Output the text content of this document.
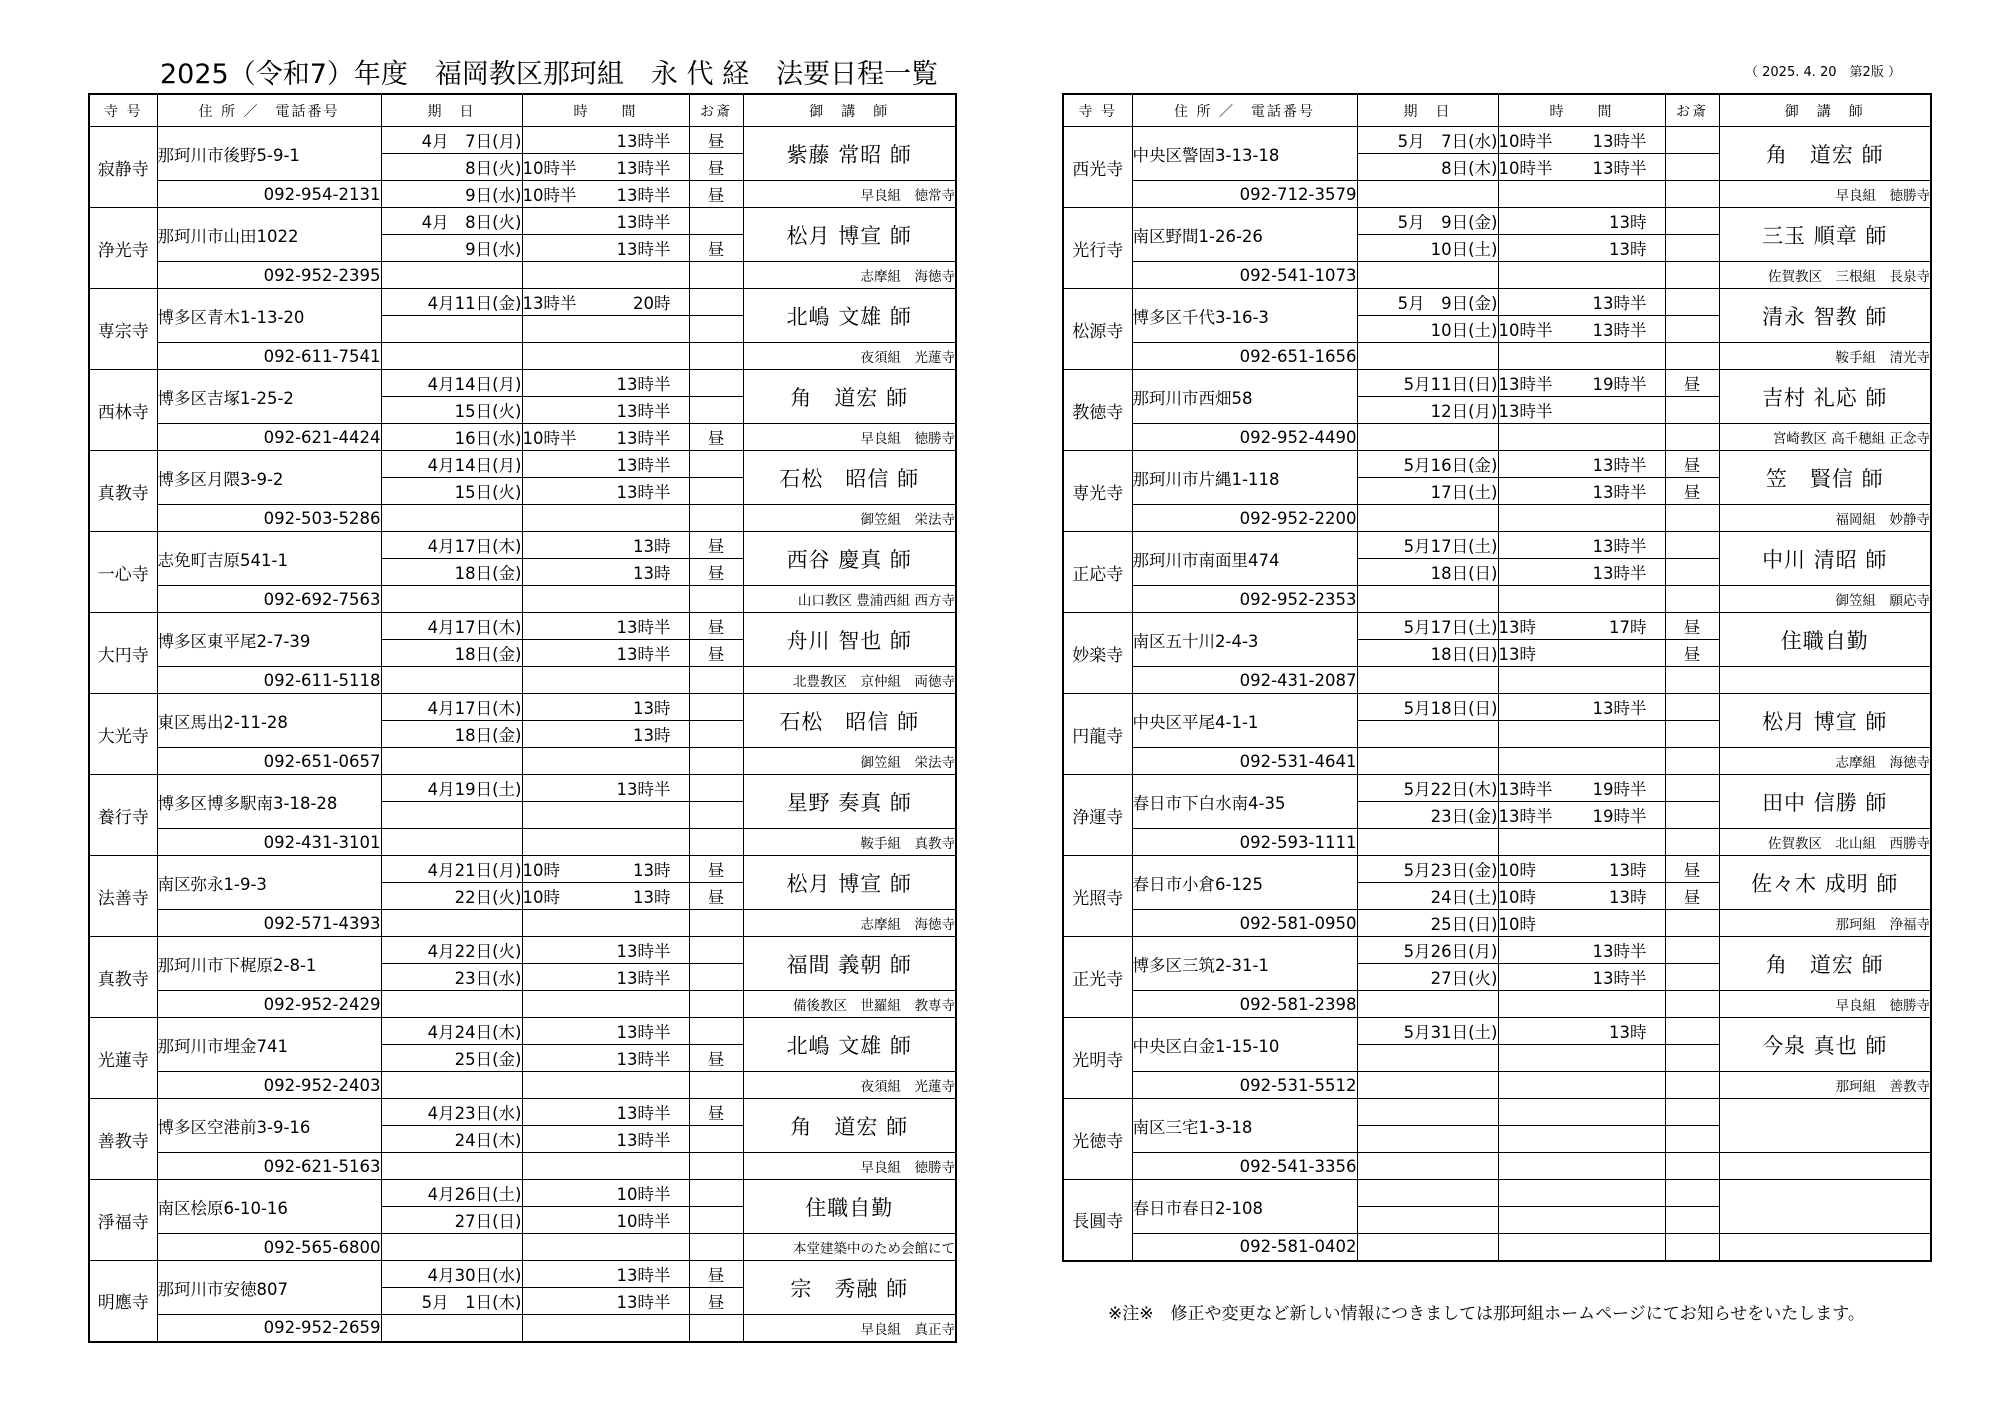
2025（令和7）年度　福岡教区那珂組　永 代 経　法要日程一覧	（ 2025. 4. 20　第2版 ）
寺 号	住 所 ／　電話番号	期　日	時　　間	お斎	御　講　師
寂静寺	那珂川市後野5-9-1	4月　7日(月)	13時半	昼	紫藤 常昭 師
		8日(火)	10時半 13時半	昼	
	092-954-2131	9日(水)	10時半 13時半	昼	早良組　徳常寺
浄光寺	那珂川市山田1022	4月　8日(火)	13時半		松月 博宣 師
		9日(水)	13時半	昼	
	092-952-2395				志摩組　海徳寺
専宗寺	博多区青木1-13-20	4月11日(金)	13時半 20時		北嶋 文雄 師

	092-611-7541				夜須組　光蓮寺
西林寺	博多区吉塚1-25-2	4月14日(月)	13時半		角　道宏 師
		15日(火)	13時半		
	092-621-4424	16日(水)	10時半 13時半	昼	早良組　徳勝寺
真教寺	博多区月隈3-9-2	4月14日(月)	13時半		石松　昭信 師
		15日(火)	13時半		
	092-503-5286				御笠組　栄法寺
一心寺	志免町吉原541-1	4月17日(木)	13時	昼	西谷 慶真 師
		18日(金)	13時	昼	
	092-692-7563				山口教区 豊浦西組 西方寺
大円寺	博多区東平尾2-7-39	4月17日(木)	13時半	昼	舟川 智也 師
		18日(金)	13時半	昼	
	092-611-5118				北豊教区　京仲組　両徳寺
大光寺	東区馬出2-11-28	4月17日(木)	13時		石松　昭信 師
		18日(金)	13時		
	092-651-0657				御笠組　栄法寺
養行寺	博多区博多駅南3-18-28	4月19日(土)	13時半		星野 奏真 師

	092-431-3101				鞍手組　真教寺
法善寺	南区弥永1-9-3	4月21日(月)	10時 13時	昼	松月 博宣 師
		22日(火)	10時 13時	昼	
	092-571-4393				志摩組　海徳寺
真教寺	那珂川市下梶原2-8-1	4月22日(火)	13時半		福間 義朝 師
		23日(水)	13時半		
	092-952-2429				備後教区　世羅組　教専寺
光蓮寺	那珂川市埋金741	4月24日(木)	13時半		北嶋 文雄 師
		25日(金)	13時半	昼	
	092-952-2403				夜須組　光蓮寺
善教寺	博多区空港前3-9-16	4月23日(水)	13時半	昼	角　道宏 師
		24日(木)	13時半		
	092-621-5163				早良組　徳勝寺
淨福寺	南区桧原6-10-16	4月26日(土)	10時半		住職自勤
		27日(日)	10時半		
	092-565-6800				本堂建築中のため会館にて
明應寺	那珂川市安徳807	4月30日(水)	13時半	昼	宗　秀融 師
		5月　1日(木)	13時半	昼	
	092-952-2659				早良組　真正寺
寺 号	住 所 ／　電話番号	期　日	時　　間	お斎	御　講　師
西光寺	中央区警固3-13-18	5月　7日(水)	10時半 13時半		角　道宏 師
		8日(木)	10時半 13時半		
	092-712-3579				早良組　徳勝寺
光行寺	南区野間1-26-26	5月　9日(金)	13時		三玉 順章 師
		10日(土)	13時		
	092-541-1073				佐賀教区　三根組　長泉寺
松源寺	博多区千代3-16-3	5月　9日(金)	13時半		清永 智教 師
		10日(土)	10時半 13時半		
	092-651-1656				鞍手組　清光寺
教徳寺	那珂川市西畑58	5月11日(日)	13時半 19時半	昼	吉村 礼応 師
		12日(月)	13時半		
	092-952-4490				宮崎教区 高千穂組 正念寺
専光寺	那珂川市片縄1-118	5月16日(金)	13時半	昼	笠　賢信 師
		17日(土)	13時半	昼	
	092-952-2200				福岡組　妙静寺
正応寺	那珂川市南面里474	5月17日(土)	13時半		中川 清昭 師
		18日(日)	13時半		
	092-952-2353				御笠組　願応寺
妙楽寺	南区五十川2-4-3	5月17日(土)	13時 17時	昼	住職自勤
		18日(日)	13時	昼	
	092-431-2087				
円龍寺	中央区平尾4-1-1	5月18日(日)	13時半		松月 博宣 師

	092-531-4641				志摩組　海徳寺
浄運寺	春日市下白水南4-35	5月22日(木)	13時半 19時半		田中 信勝 師
		23日(金)	13時半 19時半		
	092-593-1111				佐賀教区　北山組　西勝寺
光照寺	春日市小倉6-125	5月23日(金)	10時 13時	昼	佐々木 成明 師
		24日(土)	10時 13時	昼	
	092-581-0950	25日(日)	10時		那珂組　浄福寺
正光寺	博多区三筑2-31-1	5月26日(月)	13時半		角　道宏 師
		27日(火)	13時半		
	092-581-2398				早良組　徳勝寺
光明寺	中央区白金1-15-10	5月31日(土)	13時		今泉 真也 師

	092-531-5512				那珂組　善教寺
光徳寺	南区三宅1-3-18				

	092-541-3356				
長圓寺	春日市春日2-108				

	092-581-0402				
※注※　修正や変更など新しい情報につきましては那珂組ホームページにてお知らせをいたします。
